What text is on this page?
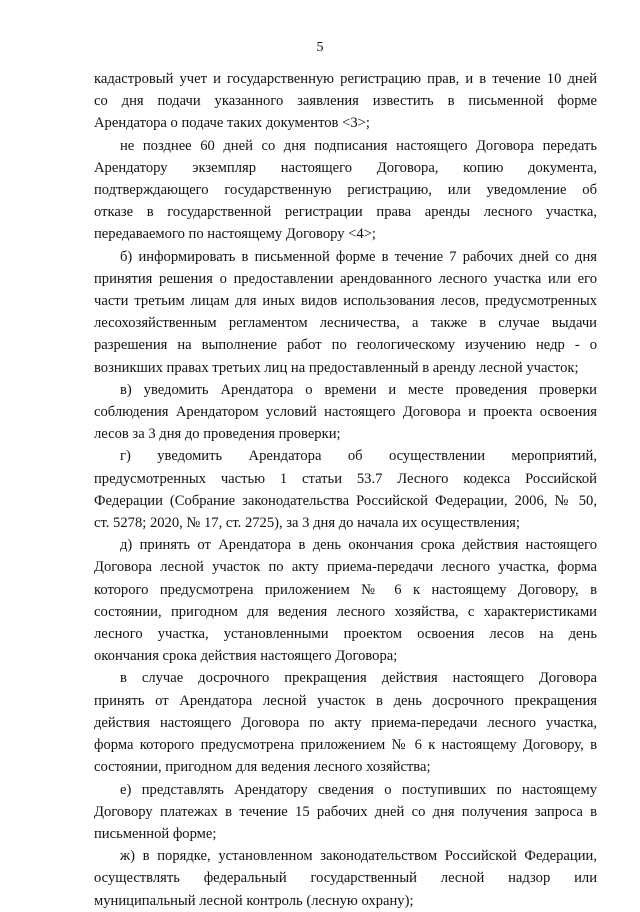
5
кадастровый учет и государственную регистрацию прав, и в течение 10 дней
со дня подачи указанного заявления известить в письменной форме
Арендатора о подаче таких документов <3>;
не позднее 60 дней со дня подписания настоящего Договора передать
Арендатору экземпляр настоящего Договора, копию документа,
подтверждающего государственную регистрацию, или уведомление об
отказе в государственной регистрации права аренды лесного участка,
передаваемого по настоящему Договору <4>;
б) информировать в письменной форме в течение 7 рабочих дней со дня
принятия решения о предоставлении арендованного лесного участка или его
части третьим лицам для иных видов использования лесов, предусмотренных
лесохозяйственным регламентом лесничества, а также в случае выдачи
разрешения на выполнение работ по геологическому изучению недр - о
возникших правах третьих лиц на предоставленный в аренду лесной участок;
в) уведомить Арендатора о времени и месте проведения проверки
соблюдения Арендатором условий настоящего Договора и проекта освоения
лесов за 3 дня до проведения проверки;
г) уведомить Арендатора об осуществлении мероприятий,
предусмотренных частью 1 статьи 53.7 Лесного кодекса Российской
Федерации (Собрание законодательства Российской Федерации, 2006, № 50,
ст. 5278; 2020, № 17, ст. 2725), за 3 дня до начала их осуществления;
д) принять от Арендатора в день окончания срока действия настоящего
Договора лесной участок по акту приема-передачи лесного участка, форма
которого предусмотрена приложением № 6 к настоящему Договору, в
состоянии, пригодном для ведения лесного хозяйства, с характеристиками
лесного участка, установленными проектом освоения лесов на день
окончания срока действия настоящего Договора;
в случае досрочного прекращения действия настоящего Договора
принять от Арендатора лесной участок в день досрочного прекращения
действия настоящего Договора по акту приема-передачи лесного участка,
форма которого предусмотрена приложением № 6 к настоящему Договору, в
состоянии, пригодном для ведения лесного хозяйства;
е) представлять Арендатору сведения о поступивших по настоящему
Договору платежах в течение 15 рабочих дней со дня получения запроса в
письменной форме;
ж) в порядке, установленном законодательством Российской Федерации,
осуществлять федеральный государственный лесной надзор или
муниципальный лесной контроль (лесную охрану);
